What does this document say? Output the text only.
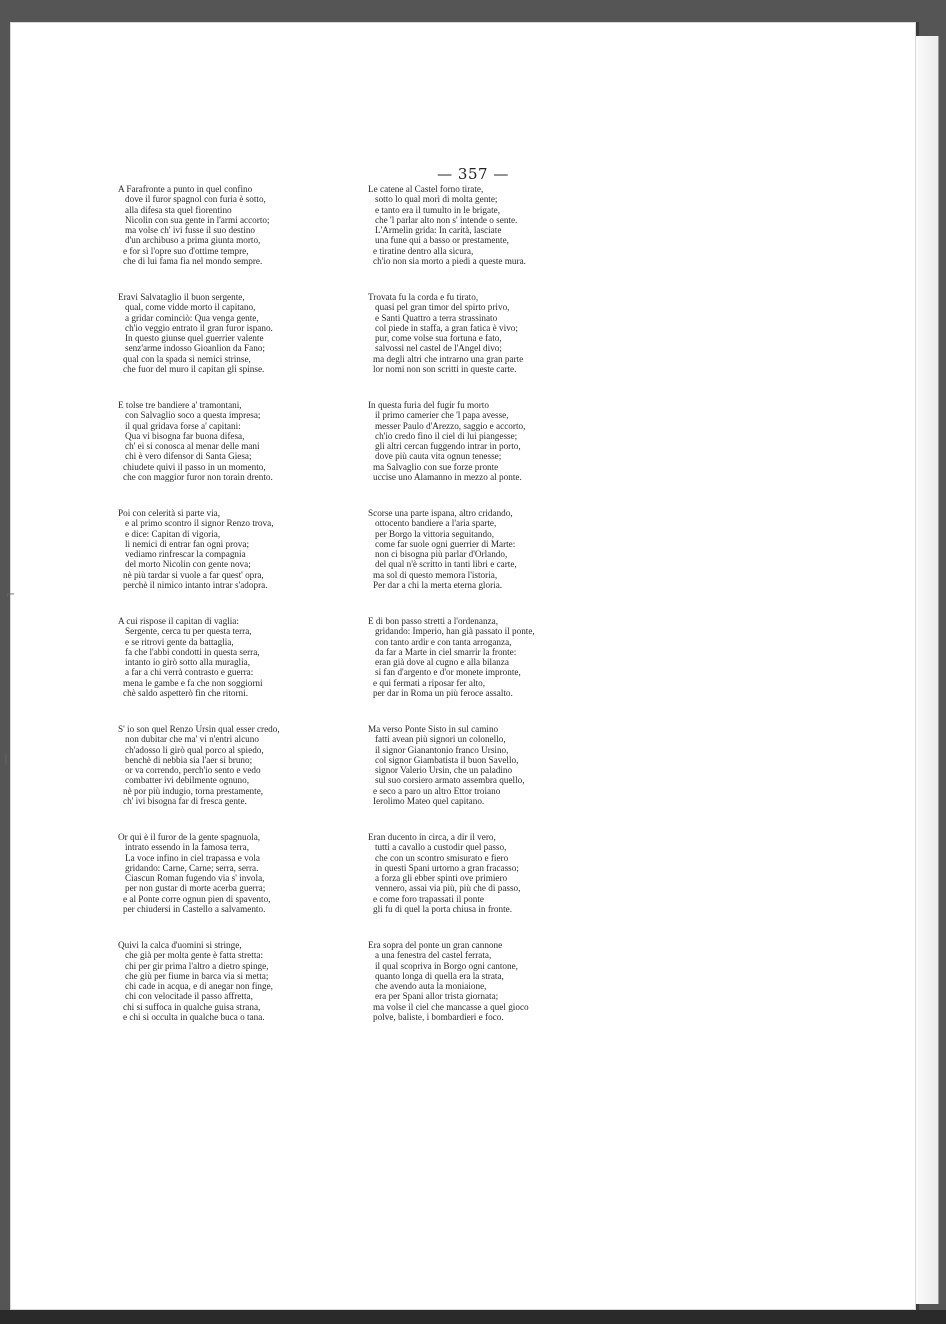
— 357 —
A Farafronte a punto in quel confino
dove il furor spagnol con furia è sotto,
alla difesa sta quel fiorentino
Nicolin con sua gente in l'armi accorto;
ma volse ch' ivi fusse il suo destino
d'un archibuso a prima giunta morto,
e for sì l'opre suo d'ottime tempre,
che di lui fama fia nel mondo sempre.
Eravi Salvataglio il buon sergente,
qual, come vidde morto il capitano,
a gridar cominciò: Qua venga gente,
ch'io veggio entrato il gran furor ispano.
In questo giunse quel guerrier valente
senz'arme indosso Gioanlion da Fano;
qual con la spada sì nemici strinse,
che fuor del muro il capitan gli spinse.
E tolse tre bandiere a' tramontani,
con Salvaglio soco a questa impresa;
il qual gridava forse a' capitani:
Qua vi bisogna far buona difesa,
ch' ei si conosca al menar delle mani
chi è vero difensor di Santa Giesa;
chiudete quivi il passo in un momento,
che con maggior furor non torain drento.
Poi con celerità si parte via,
e al primo scontro il signor Renzo trova,
e dice: Capitan di vigoria,
li nemici di entrar fan ogni prova;
vediamo rinfrescar la compagnia
del morto Nicolin con gente nova;
nè più tardar si vuole a far quest' opra,
perchè il nimico intanto intrar s'adopra.
A cui rispose il capitan di vaglia:
Sergente, cerca tu per questa terra,
e se ritrovi gente da battaglia,
fa che l'abbi condotti in questa serra,
intanto io girò sotto alla muraglia,
a far a chi verrà contrasto e guerra:
mena le gambe e fa che non soggiorni
chè saldo aspetterò fin che ritorni.
S' io son quel Renzo Ursin qual esser credo,
non dubitar che ma' vi n'entri alcuno
ch'adosso li girò qual porco al spiedo,
benchè di nebbia sia l'aer sì bruno;
or va correndo, perch'io sento e vedo
combatter ivi debilmente ognuno,
nè por più indugio, torna prestamente,
ch' ivi bisogna far di fresca gente.
Or qui è il furor de la gente spagnuola,
intrato essendo in la famosa terra,
La voce infino in ciel trapassa e vola
gridando: Carne, Carne; serra, serra.
Ciascun Roman fugendo via s' invola,
per non gustar di morte acerba guerra;
e al Ponte corre ognun pien di spavento,
per chiudersi in Castello a salvamento.
Quivi la calca d'uomini si stringe,
che già per molta gente è fatta stretta:
chi per gir prima l'altro a dietro spinge,
che giù per fiume in barca via si metta;
chi cade in acqua, e di anegar non finge,
chi con velocitade il passo affretta,
chi si suffoca in qualche guisa strana,
e chi si occulta in qualche buca o tana.
Le catene al Castel forno tirate,
sotto lo qual morì di molta gente;
e tanto era il tumulto in le brigate,
che 'l parlar alto non s' intende o sente.
L'Armelin grida: In carità, lasciate
una fune qui a basso or prestamente,
e tiratine dentro alla sicura,
ch'io non sia morto a piedi a queste mura.
Trovata fu la corda e fu tirato,
quasi pel gran timor del spirto privo,
e Santi Quattro a terra strassinato
col piede in staffa, a gran fatica è vivo;
pur, come volse sua fortuna e fato,
salvossi nel castel de l'Angel divo;
ma degli altri che intrarno una gran parte
lor nomi non son scritti in queste carte.
In questa furia del fugir fu morto
il primo camerier che 'l papa avesse,
messer Paulo d'Arezzo, saggio e accorto,
ch'io credo fino il ciel di lui piangesse;
gli altri cercan fuggendo intrar in porto,
dove più cauta vita ognun tenesse;
ma Salvaglio con sue forze pronte
uccise uno Alamanno in mezzo al ponte.
Scorse una parte ispana, altro cridando,
ottocento bandiere a l'aria sparte,
per Borgo la vittoria seguitando,
come far suole ogni guerrier di Marte:
non ci bisogna più parlar d'Orlando,
del qual n'è scritto in tanti libri e carte,
ma sol di questo memora l'istoria,
Per dar a chi la merta eterna gloria.
E di bon passo stretti a l'ordenanza,
gridando: Imperio, han già passato il ponte,
con tanto ardir e con tanta arroganza,
da far a Marte in ciel smarrir la fronte:
eran già dove al cugno e alla bilanza
si fan d'argento e d'or monete impronte,
e qui fermati a riposar fer alto,
per dar in Roma un più feroce assalto.
Ma verso Ponte Sisto in sul camino
fatti avean più signori un colonello,
il signor Gianantonio franco Ursino,
col signor Giambatista il buon Savello,
signor Valerio Ursin, che un paladino
sul suo corsiero armato assembra quello,
e seco a paro un altro Ettor troiano
Ierolimo Mateo quel capitano.
Eran ducento in circa, a dir il vero,
tutti a cavallo a custodir quel passo,
che con un scontro smisurato e fiero
in questi Spani urtorno a gran fracasso;
a forza gli ebber spinti ove primiero
vennero, assai via più, più che di passo,
e come foro trapassati il ponte
gli fu di quel la porta chiusa in fronte.
Era sopra del ponte un gran cannone
a una fenestra del castel ferrata,
il qual scopriva in Borgo ogni cantone,
quanto longa di quella era la strata,
che avendo auta la moniaione,
era per Spani allor trista giornata;
ma volse il ciel che mancasse a quel gioco
polve, baliste, i bombardieri e foco.
⌐
|
